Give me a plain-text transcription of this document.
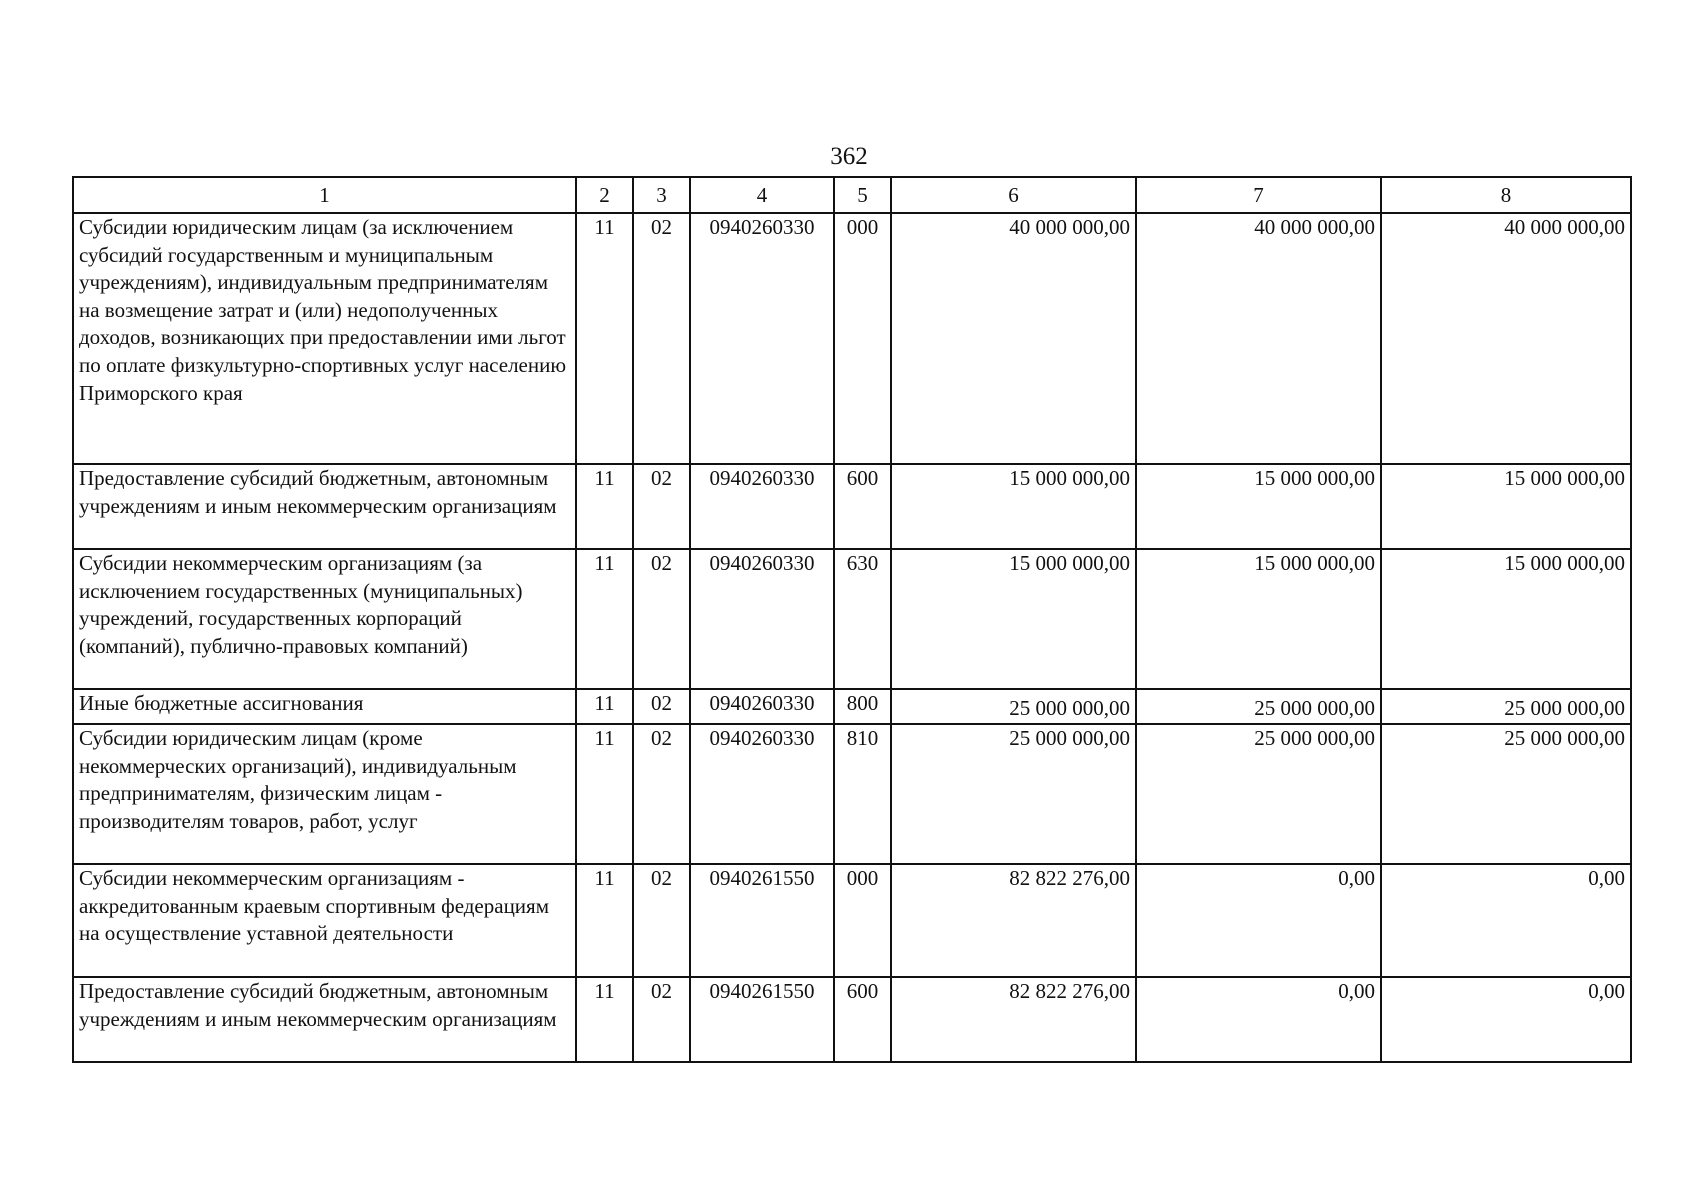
362
1	2	3	4	5	6	7	8
Субсидии юридическим лицам (за исключением субсидий государственным и муниципальным учреждениям), индивидуальным предпринимателям на возмещение затрат и (или) недополученных доходов, возникающих при предоставлении ими льгот по оплате физкультурно-спортивных услуг населению Приморского края	11	02	0940260330	000	40 000 000,00	40 000 000,00	40 000 000,00
Предоставление субсидий бюджетным, автономным учреждениям и иным некоммерческим организациям	11	02	0940260330	600	15 000 000,00	15 000 000,00	15 000 000,00
Субсидии некоммерческим организациям (за исключением государственных (муниципальных) учреждений, государственных корпораций (компаний), публично-правовых компаний)	11	02	0940260330	630	15 000 000,00	15 000 000,00	15 000 000,00
Иные бюджетные ассигнования	11	02	0940260330	800	25 000 000,00	25 000 000,00	25 000 000,00
Субсидии юридическим лицам (кроме некоммерческих организаций), индивидуальным предпринимателям, физическим лицам - производителям товаров, работ, услуг	11	02	0940260330	810	25 000 000,00	25 000 000,00	25 000 000,00
Субсидии некоммерческим организациям - аккредитованным краевым спортивным федерациям на осуществление уставной деятельности	11	02	0940261550	000	82 822 276,00	0,00	0,00
Предоставление субсидий бюджетным, автономным учреждениям и иным некоммерческим организациям	11	02	0940261550	600	82 822 276,00	0,00	0,00
